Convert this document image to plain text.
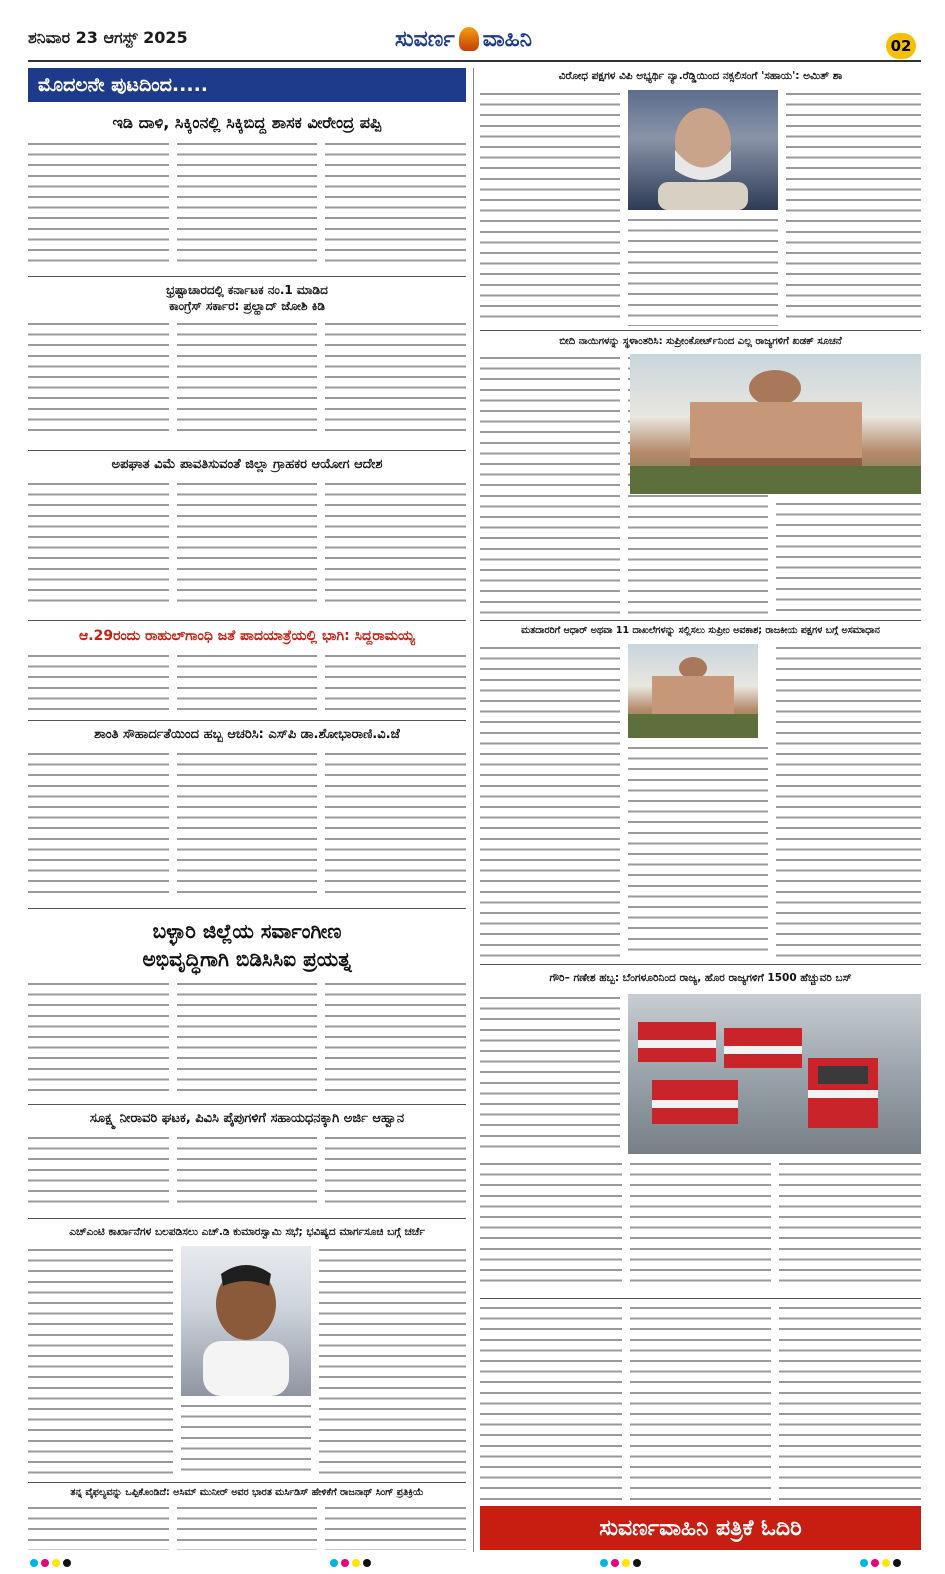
ಶನಿವಾರ 23 ಆಗಸ್ಟ್ 2025	ಸುವರ್ಣ ವಾಹಿನಿ	02
ಮೊದಲನೇ ಪುಟದಿಂದ.....
ಇಡಿ ದಾಳಿ, ಸಿಕ್ಕಿಂನಲ್ಲಿ ಸಿಕ್ಕಿಬಿದ್ದ ಶಾಸಕ ವೀರೇಂದ್ರ ಪಪ್ಪಿ
ಭ್ರಷ್ಟಾಚಾರದಲ್ಲಿ ಕರ್ನಾಟಕ ನಂ.1 ಮಾಡಿದ
ಕಾಂಗ್ರೆಸ್ ಸರ್ಕಾರ: ಪ್ರಲ್ಹಾದ್ ಜೋಶಿ ಕಿಡಿ
ಅಪಘಾತ ವಿಮೆ ಪಾವತಿಸುವಂತೆ ಜಿಲ್ಲಾ ಗ್ರಾಹಕರ ಆಯೋಗ ಆದೇಶ
ಆ.29ರಂದು ರಾಹುಲ್‌ಗಾಂಧಿ ಜತೆ ಪಾದಯಾತ್ರೆಯಲ್ಲಿ ಭಾಗಿ: ಸಿದ್ದರಾಮಯ್ಯ
ಶಾಂತಿ ಸೌಹಾರ್ದತೆಯಿಂದ ಹಬ್ಬ ಆಚರಿಸಿ: ಎಸ್‌ಪಿ ಡಾ.ಶೋಭಾರಾಣಿ.ವಿ.ಜೆ
ಬಳ್ಳಾರಿ ಜಿಲ್ಲೆಯ ಸರ್ವಾಂಗೀಣ
ಅಭಿವೃದ್ಧಿಗಾಗಿ ಬಿಡಿಸಿಸಿಐ ಪ್ರಯತ್ನ
ಸೂಕ್ಷ್ಮ ನೀರಾವರಿ ಘಟಕ, ಪಿವಿಸಿ ಪೈಪುಗಳಿಗೆ ಸಹಾಯಧನಕ್ಕಾಗಿ ಅರ್ಜಿ ಆಹ್ವಾನ
ಎಚ್‌ಎಂಟಿ ಕಾರ್ಖಾನೆಗಳ ಬಲಪಡಿಸಲು ಎಚ್.ಡಿ ಕುಮಾರಸ್ವಾಮಿ ಸಭೆ; ಭವಿಷ್ಯದ ಮಾರ್ಗಸೂಚಿ ಬಗ್ಗೆ ಚರ್ಚೆ
ತನ್ನ ವೈಫಲ್ಯವನ್ನು ಒಪ್ಪಿಕೊಂಡಿದೆ: ಅಸಿಮ್ ಮುನೀರ್ ಅವರ ಭಾರತ ಮರ್ಸಿಡಿಸ್ ಹೇಳಿಕೆಗೆ ರಾಜನಾಥ್ ಸಿಂಗ್ ಪ್ರತಿಕ್ರಿಯೆ
ವಿರೋಧ ಪಕ್ಷಗಳ ವಿಪಿ ಅಭ್ಯರ್ಥಿ ನ್ಯಾ.ರೆಡ್ಡಿಯಿಂದ ನಕ್ಸಲಿಸಂಗೆ 'ಸಹಾಯ': ಅಮಿತ್ ಶಾ
ಬೀದಿ ನಾಯಿಗಳನ್ನು ಸ್ಥಳಾಂತರಿಸಿ: ಸುಪ್ರೀಂಕೋರ್ಟ್‌ನಿಂದ ಎಲ್ಲ ರಾಜ್ಯಗಳಿಗೆ ಖಡಕ್ ಸೂಚನೆ
ಮತದಾರರಿಗೆ ಆಧಾರ್ ಅಥವಾ 11 ದಾಖಲೆಗಳನ್ನು ಸಲ್ಲಿಸಲು ಸುಪ್ರೀಂ ಅವಕಾಶ; ರಾಜಕೀಯ ಪಕ್ಷಗಳ ಬಗ್ಗೆ ಅಸಮಾಧಾನ
ಗೌರಿ– ಗಣೇಶ ಹಬ್ಬ: ಬೆಂಗಳೂರಿನಿಂದ ರಾಜ್ಯ, ಹೊರ ರಾಜ್ಯಗಳಿಗೆ 1500 ಹೆಚ್ಚುವರಿ ಬಸ್
ಸುವರ್ಣವಾಹಿನಿ ಪತ್ರಿಕೆ ಓದಿರಿ
